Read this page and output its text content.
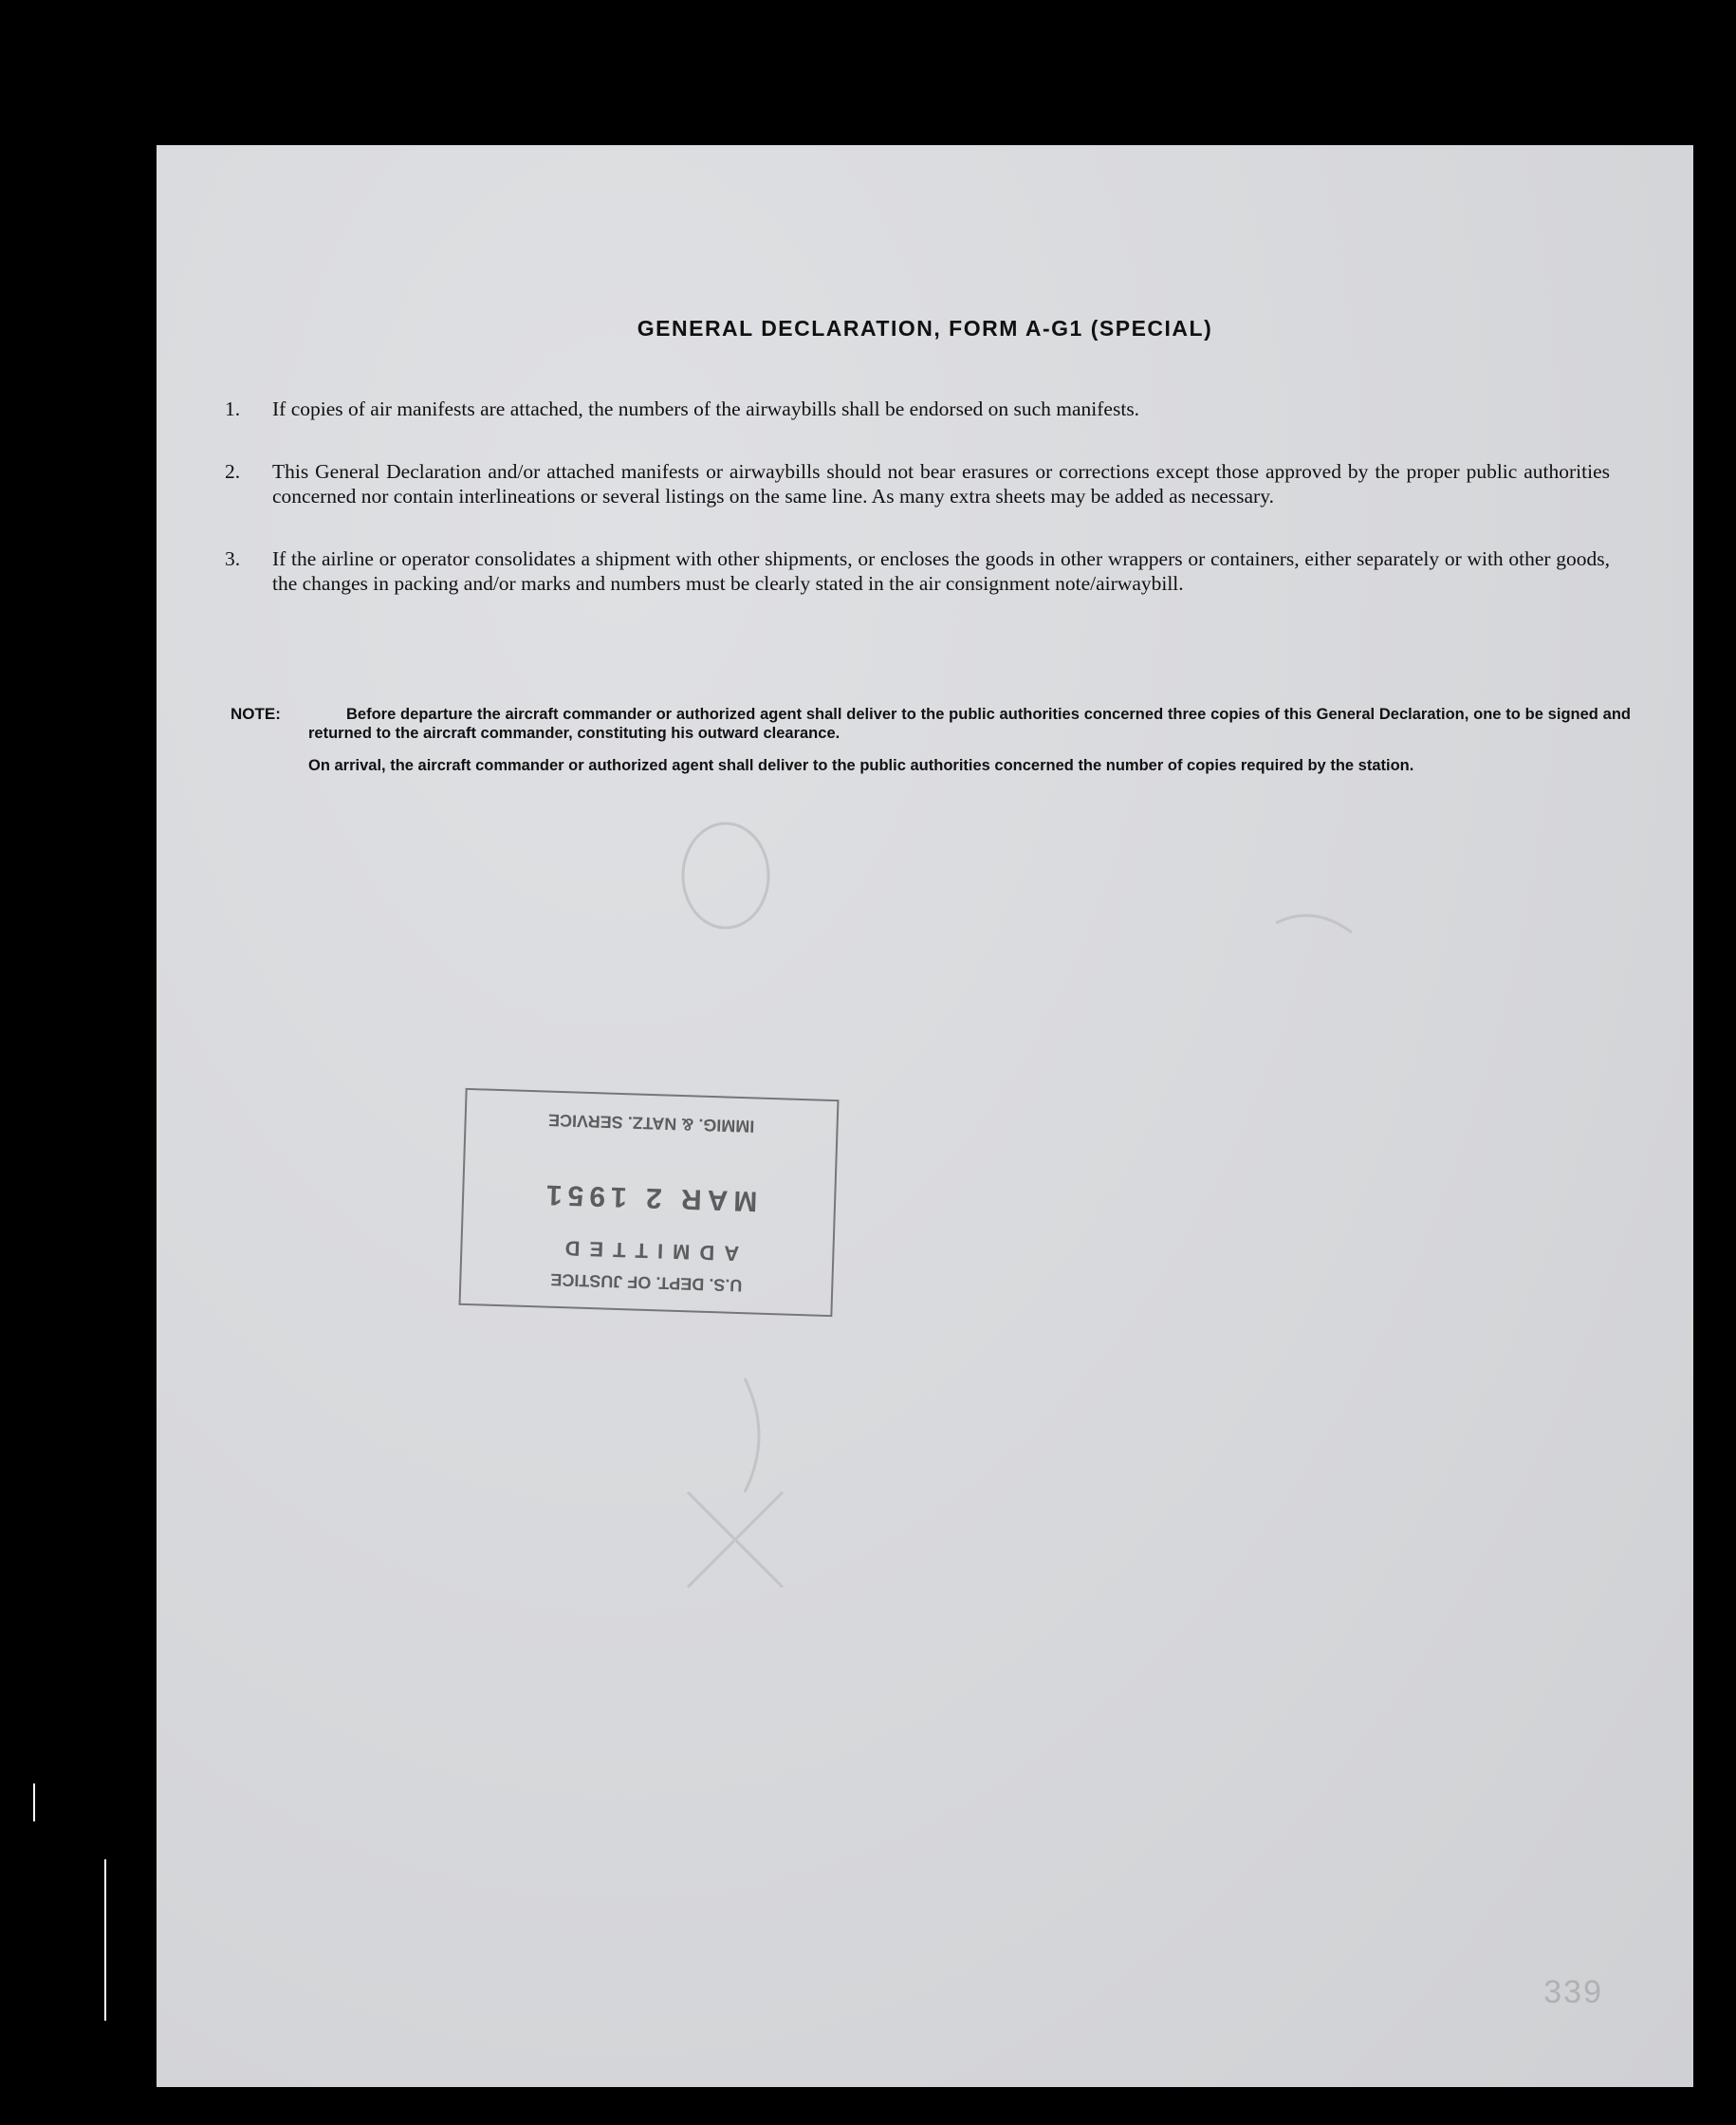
GENERAL DECLARATION, FORM A-G1 (SPECIAL)
1. If copies of air manifests are attached, the numbers of the airwaybills shall be endorsed on such manifests.
2. This General Declaration and/or attached manifests or airwaybills should not bear erasures or corrections except those approved by the proper public authorities concerned nor contain interlineations or several listings on the same line. As many extra sheets may be added as necessary.
3. If the airline or operator consolidates a shipment with other shipments, or encloses the goods in other wrappers or containers, either separately or with other goods, the changes in packing and/or marks and numbers must be clearly stated in the air consignment note/airwaybill.
NOTE:	Before departure the aircraft commander or authorized agent shall deliver to the public authorities concerned three copies of this General Declaration, one to be signed and returned to the aircraft commander, constituting his outward clearance.
On arrival, the aircraft commander or authorized agent shall deliver to the public authorities concerned the number of copies required by the station.
U.S. DEPT. OF JUSTICE
ADMITTED
MAR 2 1951
IMMIG. & NATZ. SERVICE
339
